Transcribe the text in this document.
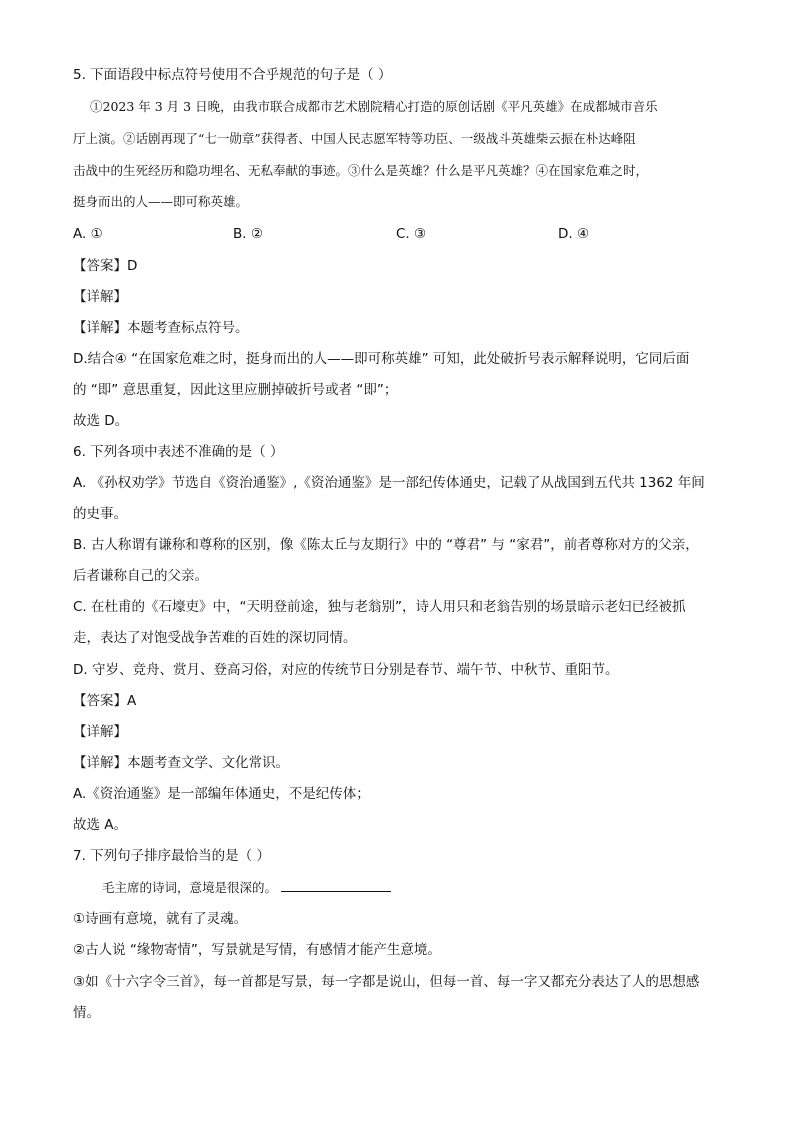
5. 下面语段中标点符号使用不合乎规范的句子是（ ）
①2023 年 3 月 3 日晚，由我市联合成都市艺术剧院精心打造的原创话剧《平凡英雄》在成都城市音乐
厅上演。②话剧再现了“七一勋章”获得者、中国人民志愿军特等功臣、一级战斗英雄柴云振在朴达峰阻
击战中的生死经历和隐功埋名、无私奉献的事迹。③什么是英雄？什么是平凡英雄？④在国家危难之时，
挺身而出的人——即可称英雄。
A. ①	B. ②	C. ③	D. ④
【答案】D
【详解】
【详解】本题考查标点符号。
D.结合④ “在国家危难之时，挺身而出的人——即可称英雄” 可知，此处破折号表示解释说明，它同后面
的 “即” 意思重复，因此这里应删掉破折号或者 “即”；
故选 D。
6. 下列各项中表述不准确的是（ ）
A. 《孙权劝学》节选自《资治通鉴》,《资治通鉴》是一部纪传体通史，记载了从战国到五代共 1362 年间
的史事。
B. 古人称谓有谦称和尊称的区别，像《陈太丘与友期行》中的 “尊君” 与 “家君”，前者尊称对方的父亲，
后者谦称自己的父亲。
C. 在杜甫的《石壕吏》中，“天明登前途，独与老翁别”，诗人用只和老翁告别的场景暗示老妇已经被抓
走，表达了对饱受战争苦难的百姓的深切同情。
D. 守岁、竞舟、赏月、登高习俗，对应的传统节日分别是春节、端午节、中秋节、重阳节。
【答案】A
【详解】
【详解】本题考查文学、文化常识。
A.《资治通鉴》是一部编年体通史，不是纪传体；
故选 A。
7. 下列句子排序最恰当的是（ ）
毛主席的诗词，意境是很深的。
①诗画有意境，就有了灵魂。
②古人说 “缘物寄情”，写景就是写情，有感情才能产生意境。
③如《十六字令三首》，每一首都是写景，每一字都是说山，但每一首、每一字又都充分表达了人的思想感
情。
